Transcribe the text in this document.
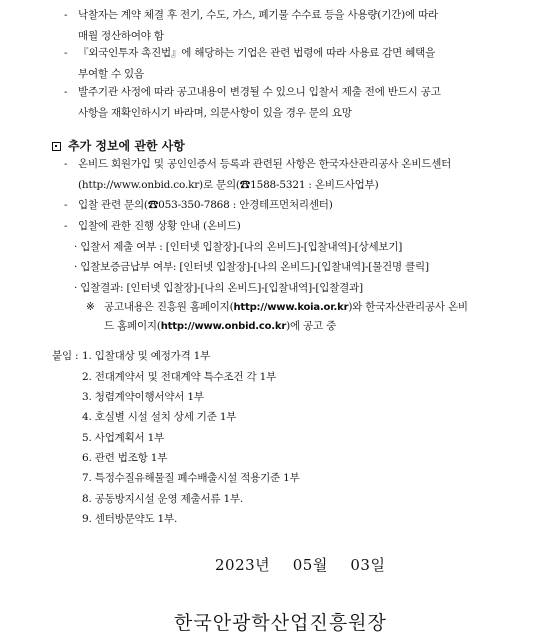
- 낙찰자는 계약 체결 후 전기, 수도, 가스, 폐기물 수수료 등을 사용량(기간)에 따라
매월 정산하여야 함
- 『외국인투자 촉진법』에 해당하는 기업은 관련 법령에 따라 사용료 감면 혜택을
부여할 수 있음
- 발주기관 사정에 따라 공고내용이 변경될 수 있으니 입찰서 제출 전에 반드시 공고
사항을 재확인하시기 바라며, 의문사항이 있을 경우 문의 요망
추가 정보에 관한 사항
- 온비드 회원가입 및 공인인증서 등록과 관련된 사항은 한국자산관리공사 온비드센터
(http://www.onbid.co.kr)로 문의(☎1588-5321 : 온비드사업부)
- 입찰 관련 문의(☎053-350-7868 : 안경테프먼처리센터)
- 입찰에 관한 진행 상황 안내 (온비드)
· 입찰서 제출 여부 : [인터넷 입찰장]-[나의 온비드]-[입찰내역]-[상세보기]
· 입찰보증금납부 여부: [인터넷 입찰장]-[나의 온비드]-[입찰내역]-[물건명 클릭]
· 입찰결과: [인터넷 입찰장]-[나의 온비드]-[입찰내역]-[입찰결과]
※ 공고내용은 진흥원 홈페이지(http://www.koia.or.kr)와 한국자산관리공사 온비
드 홈페이지(http://www.onbid.co.kr)에 공고 중
붙임 : 1. 입찰대상 및 예정가격 1부
2. 전대계약서 및 전대계약 특수조건 각 1부
3. 청렴계약이행서약서 1부
4. 호실별 시설 설치 상세 기준 1부
5. 사업계획서 1부
6. 관련 법조항 1부
7. 특정수질유해물질 폐수배출시설 적용기준 1부
8. 공동방지시설 운영 제출서류 1부.
9. 센터방문약도 1부.
2023년 05월 03일
한국안광학산업진흥원장
